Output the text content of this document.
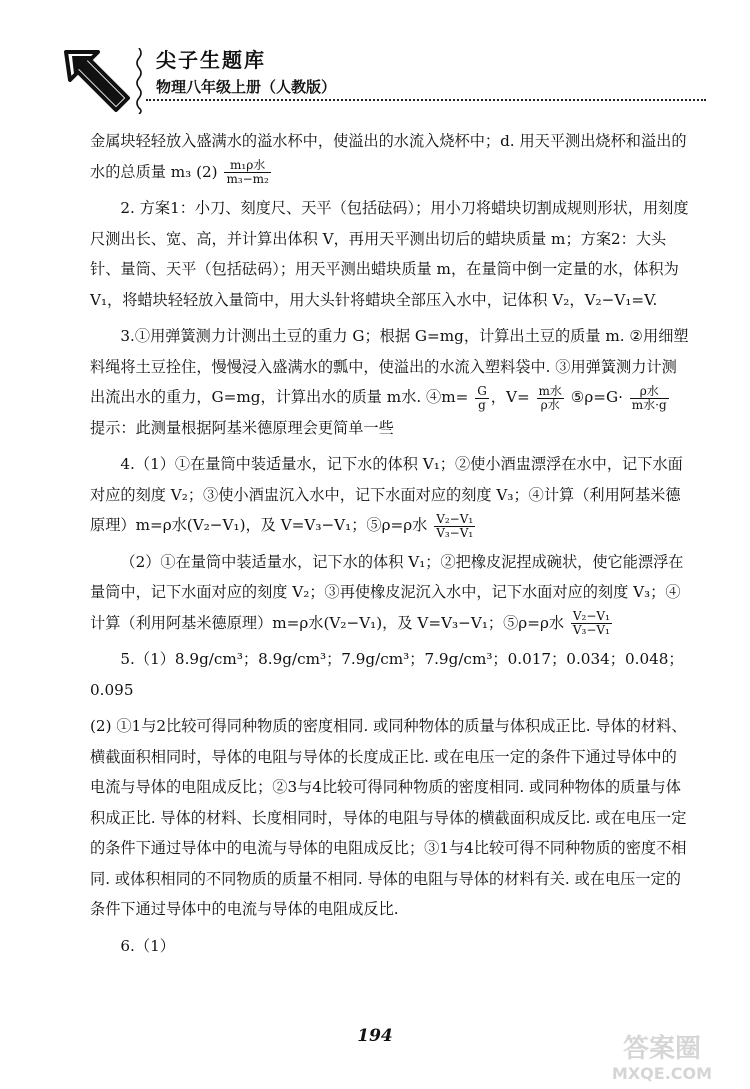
尖子生题库
物理八年级上册（人教版）

金属块轻轻放入盛满水的溢水杯中，使溢出的水流入烧杯中；d. 用天平测出烧杯和溢出的水的总质量 m₃ $(2) \frac{\text{m₁ρ水}}{\text{m₃−m₂}}$

2. 方案1：小刀、刻度尺、天平（包括砝码）；用小刀将蜡块切割成规则形状，用刻度尺测出长、宽、高，并计算出体积 V，再用天平测出切后的蜡块质量 m；方案2：大头针、量筒、天平（包括砝码）；用天平测出蜡块质量 m，在量筒中倒一定量的水，体积为 V₁，将蜡块轻轻放入量筒中，用大头针将蜡块全部压入水中，记体积 V₂，V₂−V₁=V.

3.①用弹簧测力计测出土豆的重力 G；根据 G=mg，计算出土豆的质量 m. ②用细塑料绳将土豆拴住，慢慢浸入盛满水的瓢中，使溢出的水流入塑料袋中. ③用弹簧测力计测出流出水的重力，G=mg，计算出水的质量 m水. ④m= $\frac{G}{g}$ ，$V= \frac{\text{m水}}{\text{ρ水}}$ ⑤ρ=G· $\frac{\text{ρ水}}{\text{m水·g}}$
提示：此测量根据阿基米德原理会更简单一些

4.（1）①在量筒中装适量水，记下水的体积 V₁；②使小酒盅漂浮在水中，记下水面对应的刻度 V₂；③使小酒盅沉入水中，记下水面对应的刻度 V₃；④计算（利用阿基米德原理）m=ρ水(V₂−V₁)，及 V=V₃−V₁；⑤ρ=ρ水 $\frac{\text{V₂−V₁}}{\text{V₃−V₁}}$

（2）①在量筒中装适量水，记下水的体积 V₁；②把橡皮泥捏成碗状，使它能漂浮在量筒中，记下水面对应的刻度 V₂；③再使橡皮泥沉入水中，记下水面对应的刻度 V₃；④计算（利用阿基米德原理）m=ρ水(V₂−V₁)，及 V=V₃−V₁；⑤ρ=ρ水 $\frac{\text{V₂−V₁}}{\text{V₃−V₁}}$

5.（1）8.9g/cm³；8.9g/cm³；7.9g/cm³；7.9g/cm³；0.017；0.034；0.048；0.095

(2) ①1与2比较可得同种物质的密度相同. 或同种物体的质量与体积成正比. 导体的材料、横截面积相同时，导体的电阻与导体的长度成正比. 或在电压一定的条件下通过导体中的电流与导体的电阻成反比；②3与4比较可得同种物质的密度相同. 或同种物体的质量与体积成正比. 导体的材料、长度相同时，导体的电阻与导体的横截面积成反比. 或在电压一定的条件下通过导体中的电流与导体的电阻成反比；③1与4比较可得不同种物质的密度不相同. 或体积相同的不同物质的质量不相同. 导体的电阻与导体的材料有关. 或在电压一定的条件下通过导体中的电流与导体的电阻成反比.

6.（1）

194	答案圈
MXQE.COM
